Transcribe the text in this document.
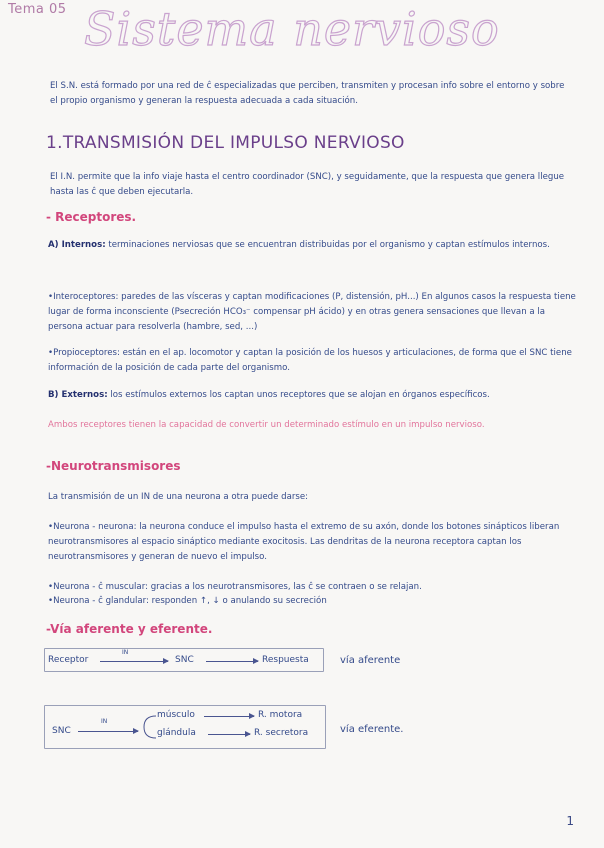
Tema 05 Sistema nervioso
El S.N. está formado por una red de ĉ especializadas que perciben, transmiten y procesan info sobre el entorno y sobre el propio organismo y generan la respuesta adecuada a cada situación.
1.TRANSMISIÓN DEL IMPULSO NERVIOSO
El I.N. permite que la info viaje hasta el centro coordinador (SNC), y seguidamente, que la respuesta que genera llegue hasta las ĉ que deben ejecutarla.
- Receptores.
A) Internos: terminaciones nerviosas que se encuentran distribuidas por el organismo y captan estímulos internos.
•Interoceptores: paredes de las vísceras y captan modificaciones (P, distensión, pH...) En algunos casos la respuesta tiene lugar de forma inconsciente (Psecreción HCO₃⁻ compensar pH ácido) y en otras genera sensaciones que llevan a la persona actuar para resolverla (hambre, sed, ...)
•Propioceptores: están en el ap. locomotor y captan la posición de los huesos y articulaciones, de forma que el SNC tiene información de la posición de cada parte del organismo.
B) Externos: los estímulos externos los captan unos receptores que se alojan en órganos específicos.
Ambos receptores tienen la capacidad de convertir un determinado estímulo en un impulso nervioso.
-Neurotransmisores
La transmisión de un IN de una neurona a otra puede darse:
•Neurona - neurona: la neurona conduce el impulso hasta el extremo de su axón, donde los botones sinápticos liberan neurotransmisores al espacio sináptico mediante exocitosis. Las dendritas de la neurona receptora captan los neurotransmisores y generan de nuevo el impulso.
•Neurona - ĉ muscular: gracias a los neurotransmisores, las ĉ se contraen o se relajan.
•Neurona - ĉ glandular: responden ↑, ↓ o anulando su secreción
-Vía aferente y eferente.
Receptor
IN
SNC	Respuesta	vía aferente
SNC
IN
músculo	R. motora
glándula	R. secretora	vía eferente.
1
